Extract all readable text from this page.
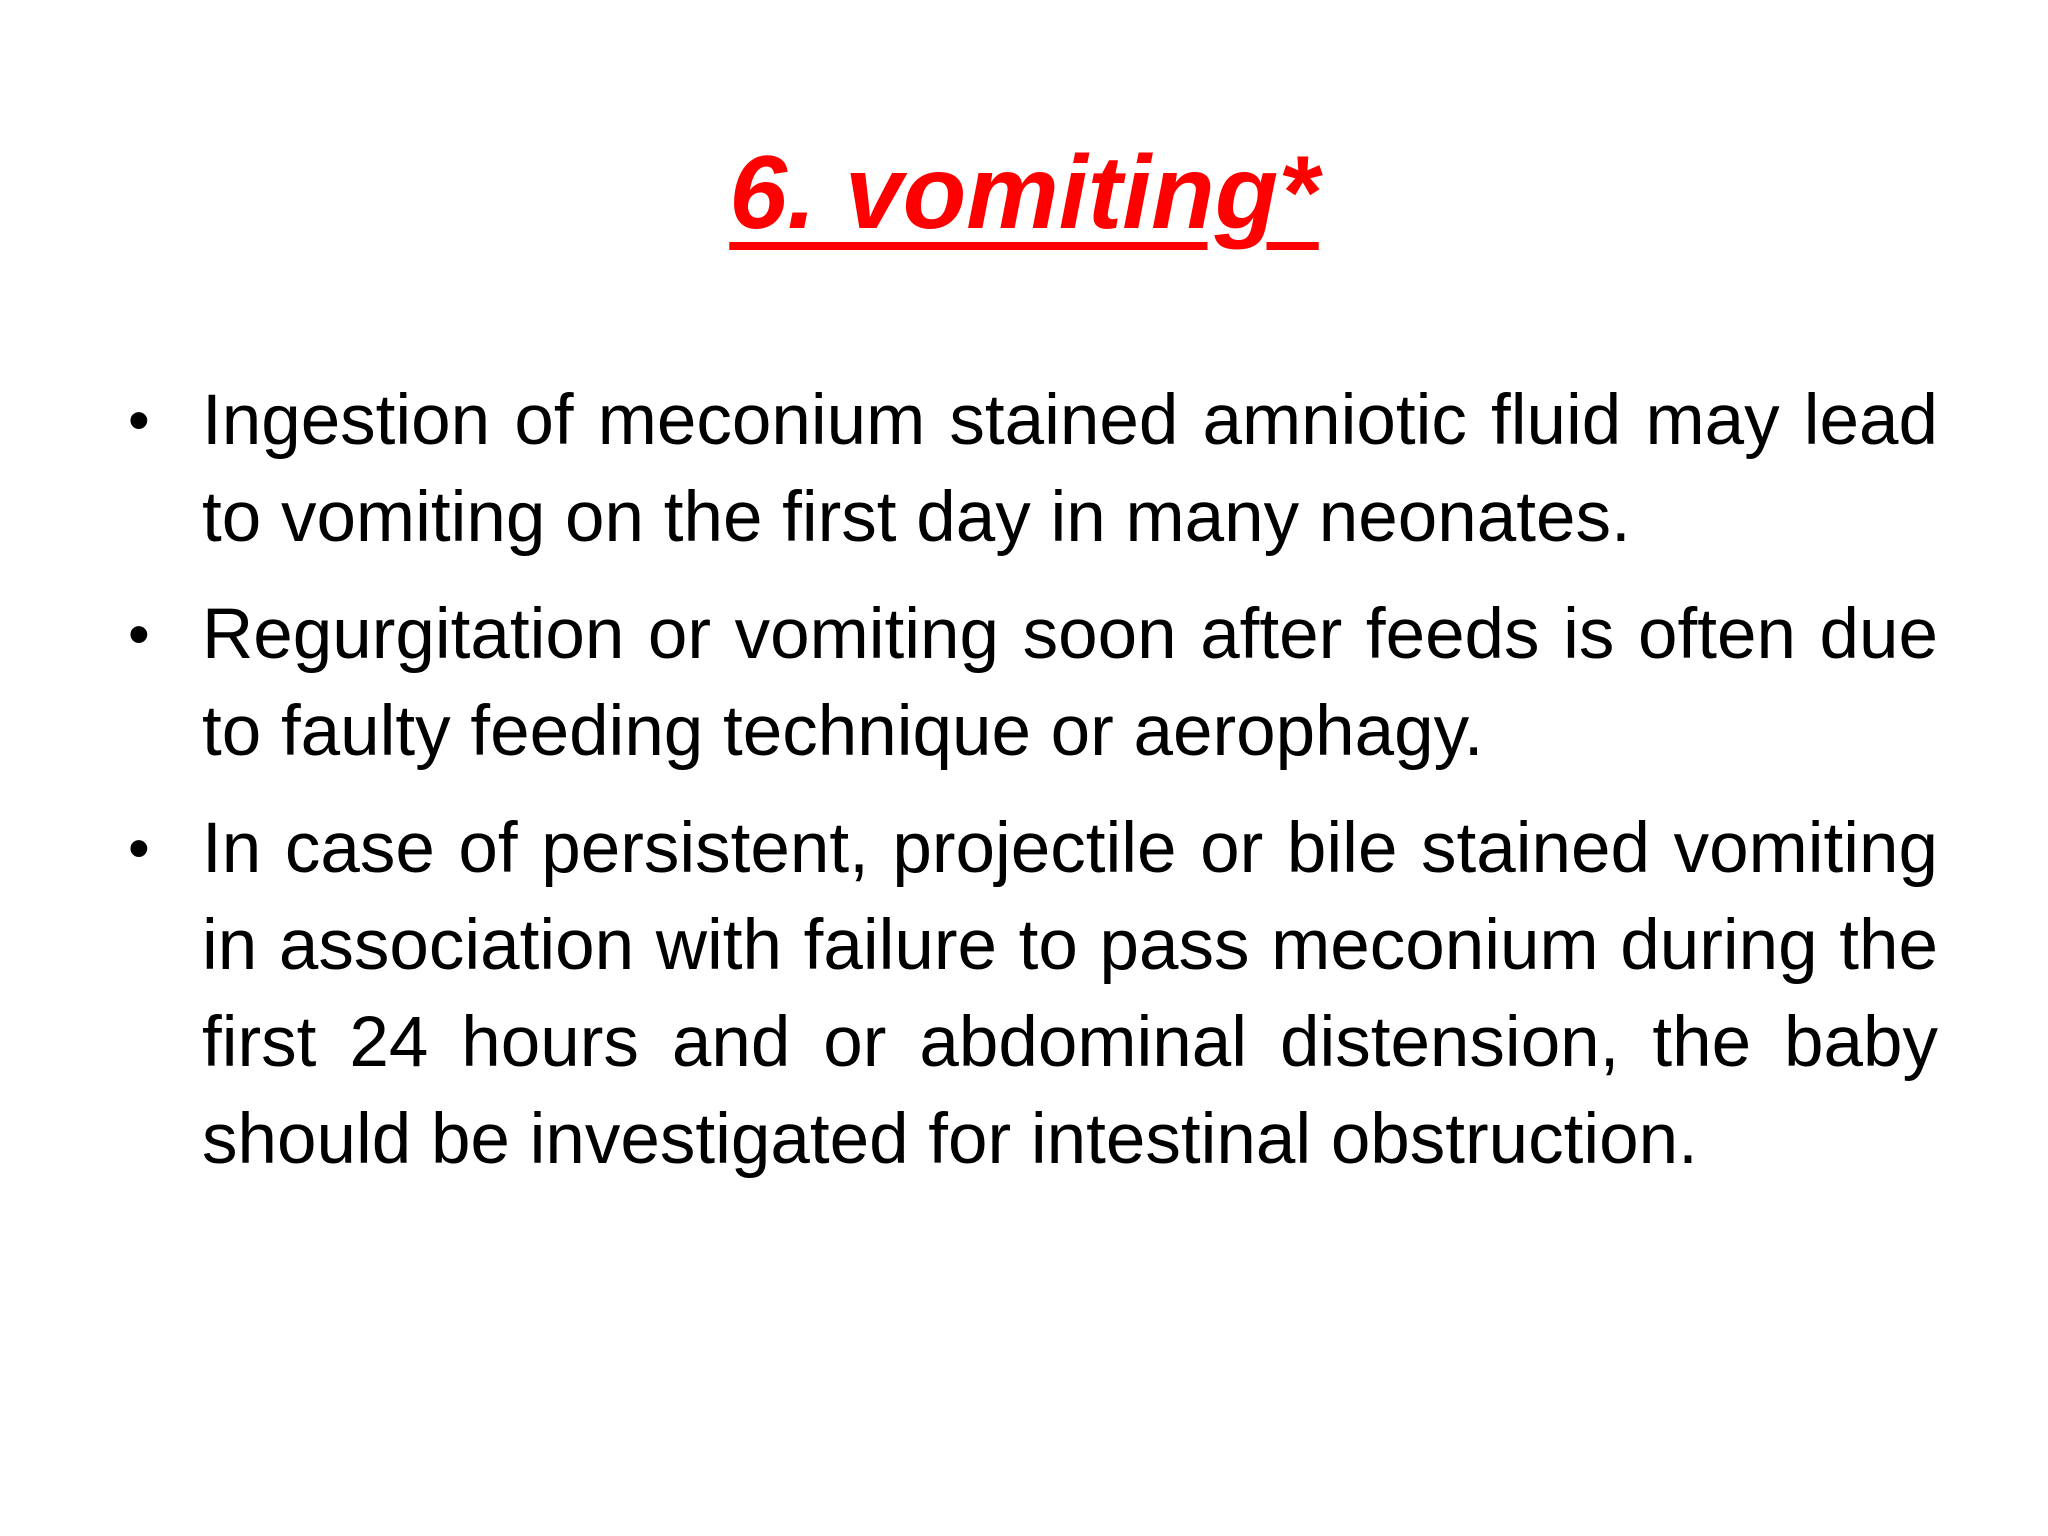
6. vomiting*
• Ingestion of meconium stained amniotic fluid may lead to vomiting on the first day in many neonates.
• Regurgitation or vomiting soon after feeds is often due to faulty feeding technique or aerophagy.
• In case of persistent, projectile or bile stained vomiting in association with failure to pass meconium during the first 24 hours and or abdominal distension, the baby should be investigated for intestinal obstruction.
